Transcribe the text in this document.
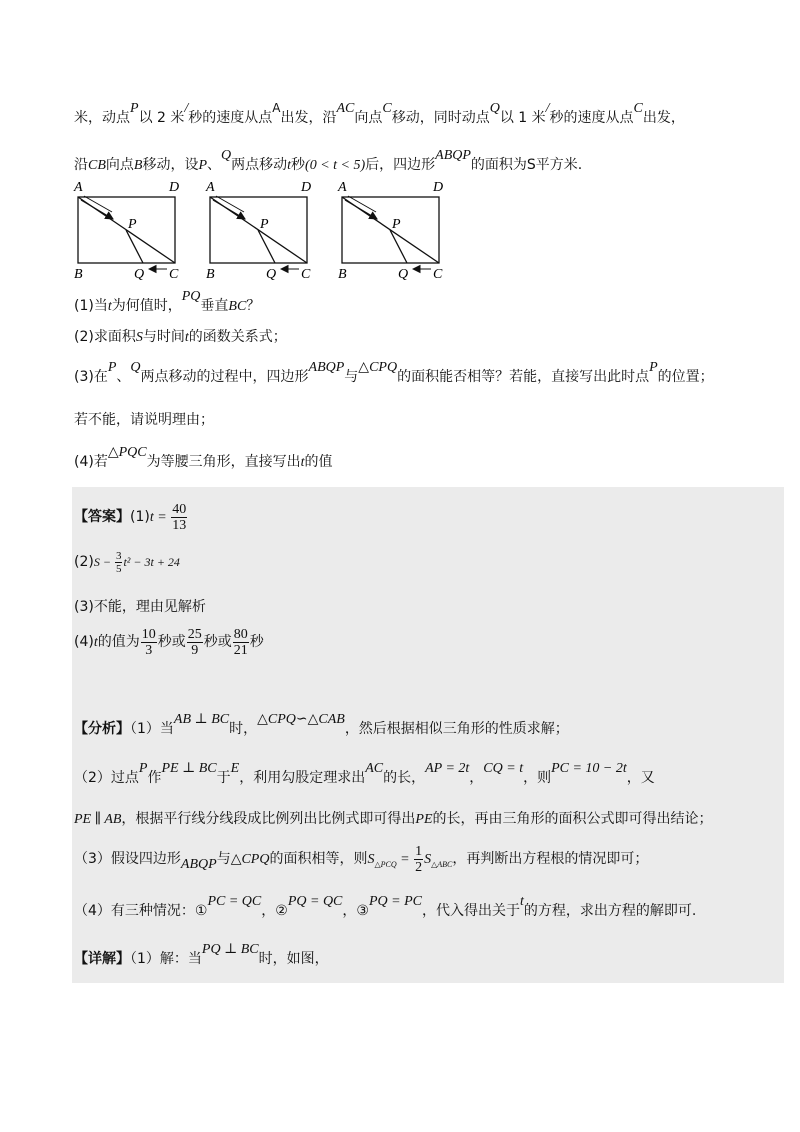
米，动点P以 2 米/秒的速度从点A出发，沿AC向点C移动，同时动点Q以 1 米/秒的速度从点C出发，
沿CB向点B移动，设P、Q两点移动t秒(0 < t < 5)后，四边形ABQP的面积为S平方米.
A	D
B	Q C
P
A	D
B	Q C
P
A	D
B	Q C
P
(1)当t为何值时，PQ垂直BC？
(2)求面积S与时间t的函数关系式；
(3)在P、Q两点移动的过程中，四边形ABQP与△CPQ的面积能否相等？若能，直接写出此时点P的位置；
若不能，请说明理由；
(4)若△PQC为等腰三角形，直接写出t的值
【答案】$(1)t = \frac{40}{13}$
$(2)S - \frac{3}{5} t^2 - 3t + 24$
(3)不能，理由见解析
(4)t的值为 $\frac{10}{3}$ 秒或 $\frac{25}{9}$ 秒或 $\frac{80}{21}$ 秒
【分析】（1）当AB ⊥ BC时，△CPQ∽△CAB，然后根据相似三角形的性质求解；
（2）过点P作PE ⊥ BC于E，利用勾股定理求出AC的长，AP = 2t，CQ = t，则PC = 10 − 2t，又
PE ∥ AB，根据平行线分线段成比例列出比例式即可得出PE的长，再由三角形的面积公式即可得出结论；
（3）假设四边形ABQP与△CPQ的面积相等，则$S_{\triangle PCQ} = \frac{1}{2} S_{\triangle ABC}$，再判断出方程根的情况即可；
（4）有三种情况：①PC = QC，②PQ = QC，③PQ = PC，代入得出关于t的方程，求出方程的解即可.
【详解】（1）解：当PQ ⊥ BC时，如图，
